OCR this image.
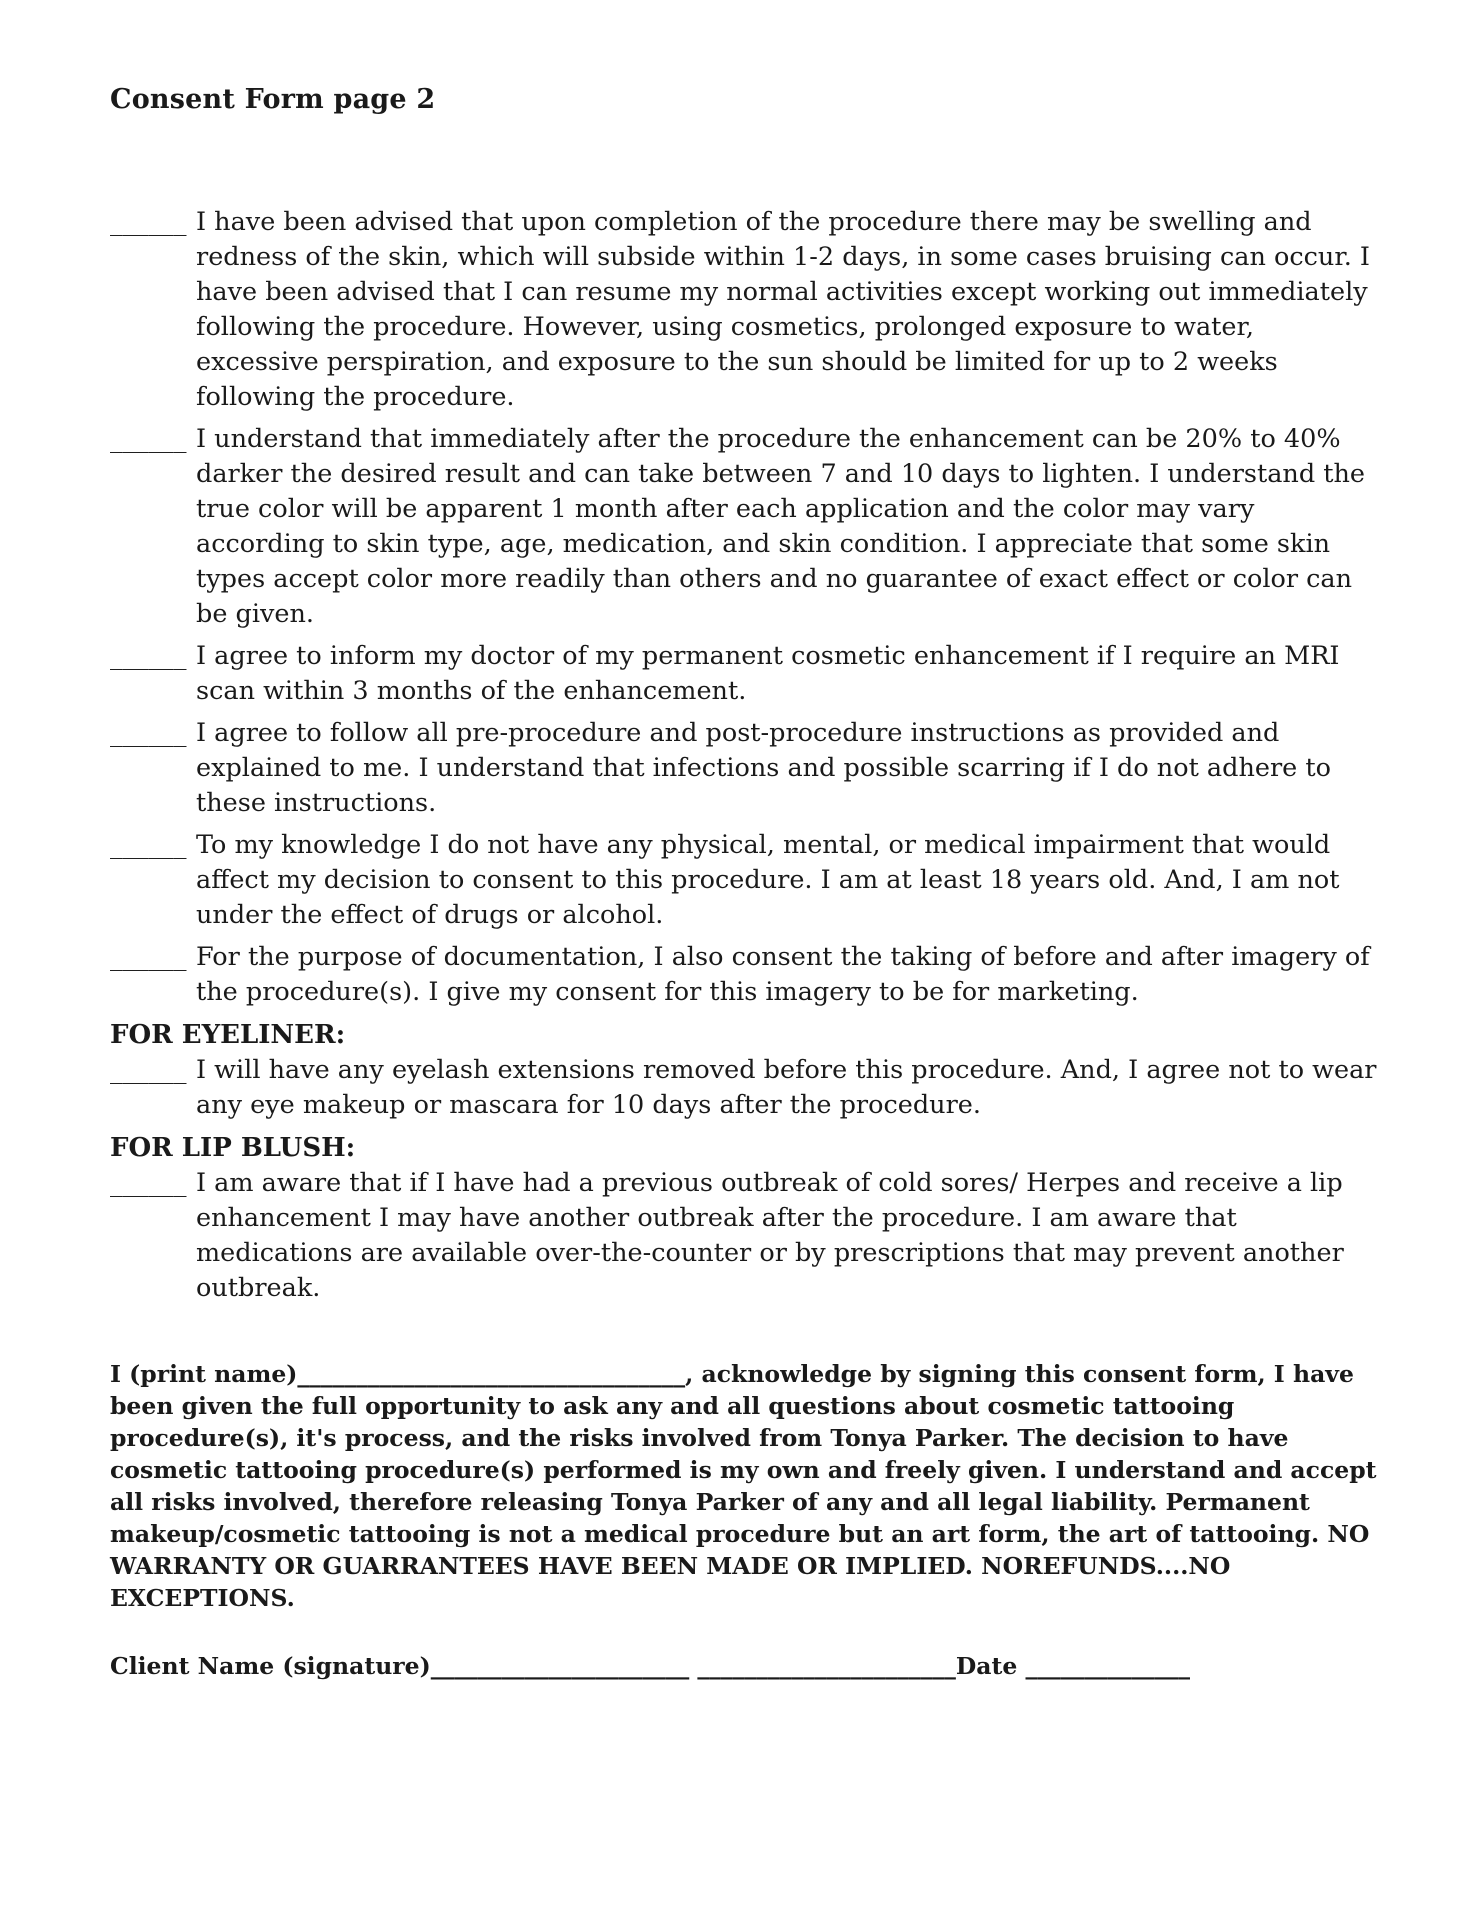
Consent Form page 2
______ I have been advised that upon completion of the procedure there may be swelling and redness of the skin, which will subside within 1-2 days, in some cases bruising can occur. I have been advised that I can resume my normal activities except working out immediately following the procedure. However, using cosmetics, prolonged exposure to water, excessive perspiration, and exposure to the sun should be limited for up to 2 weeks following the procedure.
______ I understand that immediately after the procedure the enhancement can be 20% to 40% darker the desired result and can take between 7 and 10 days to lighten. I understand the true color will be apparent 1 month after each application and the color may vary according to skin type, age, medication, and skin condition. I appreciate that some skin types accept color more readily than others and no guarantee of exact effect or color can be given.
______ I agree to inform my doctor of my permanent cosmetic enhancement if I require an MRI scan within 3 months of the enhancement.
______ I agree to follow all pre-procedure and post-procedure instructions as provided and explained to me. I understand that infections and possible scarring if I do not adhere to these instructions.
______ To my knowledge I do not have any physical, mental, or medical impairment that would affect my decision to consent to this procedure. I am at least 18 years old. And, I am not under the effect of drugs or alcohol.
______ For the purpose of documentation, I also consent the taking of before and after imagery of the procedure(s). I give my consent for this imagery to be for marketing.
FOR EYELINER:
______ I will have any eyelash extensions removed before this procedure. And, I agree not to wear any eye makeup or mascara for 10 days after the procedure.
FOR LIP BLUSH:
______ I am aware that if I have had a previous outbreak of cold sores/ Herpes and receive a lip enhancement I may have another outbreak after the procedure. I am aware that medications are available over-the-counter or by prescriptions that may prevent another outbreak.

I (print name)_________________________________, acknowledge by signing this consent form, I have been given the full opportunity to ask any and all questions about cosmetic tattooing procedure(s), it's process, and the risks involved from Tonya Parker. The decision to have cosmetic tattooing procedure(s) performed is my own and freely given. I understand and accept all risks involved, therefore releasing Tonya Parker of any and all legal liability. Permanent makeup/cosmetic tattooing is not a medical procedure but an art form, the art of tattooing. NO WARRANTY OR GUARRANTEES HAVE BEEN MADE OR IMPLIED. NOREFUNDS....NO EXCEPTIONS.

Client Name (signature)______________________ ______________________Date ______________
